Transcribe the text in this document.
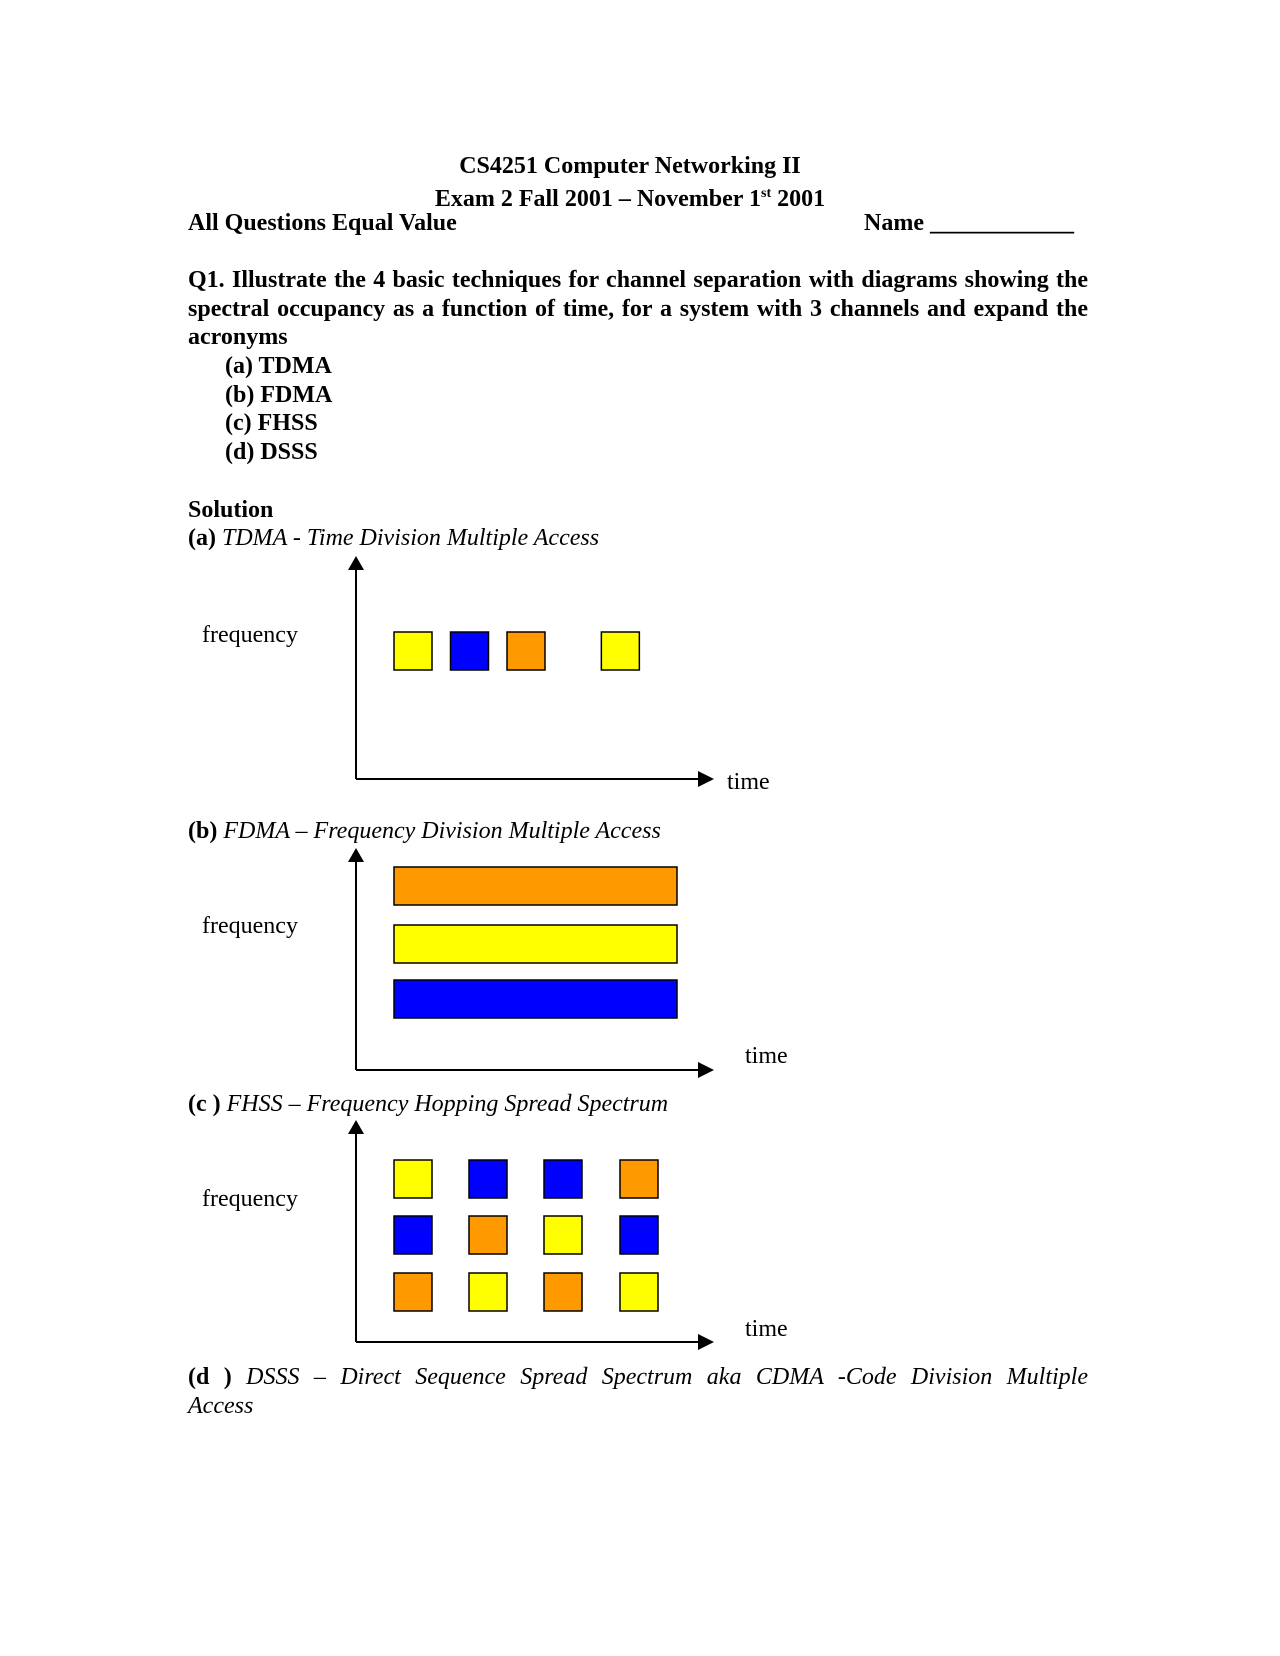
CS4251 Computer Networking II
Exam 2 Fall 2001 – November 1st 2001
All Questions Equal Value	Name ____________
Q1. Illustrate the 4 basic techniques for channel separation with diagrams showing the spectral occupancy as a function of time, for a system with 3 channels and expand the acronyms
(a) TDMA
(b) FDMA
(c) FHSS
(d) DSSS
Solution
(a) TDMA - Time Division Multiple Access
(b) FDMA – Frequency Division Multiple Access
(c ) FHSS – Frequency Hopping Spread Spectrum
(d ) DSSS – Direct Sequence Spread Spectrum aka CDMA -Code Division Multiple
Access
frequency
time
frequency
time
frequency
time
